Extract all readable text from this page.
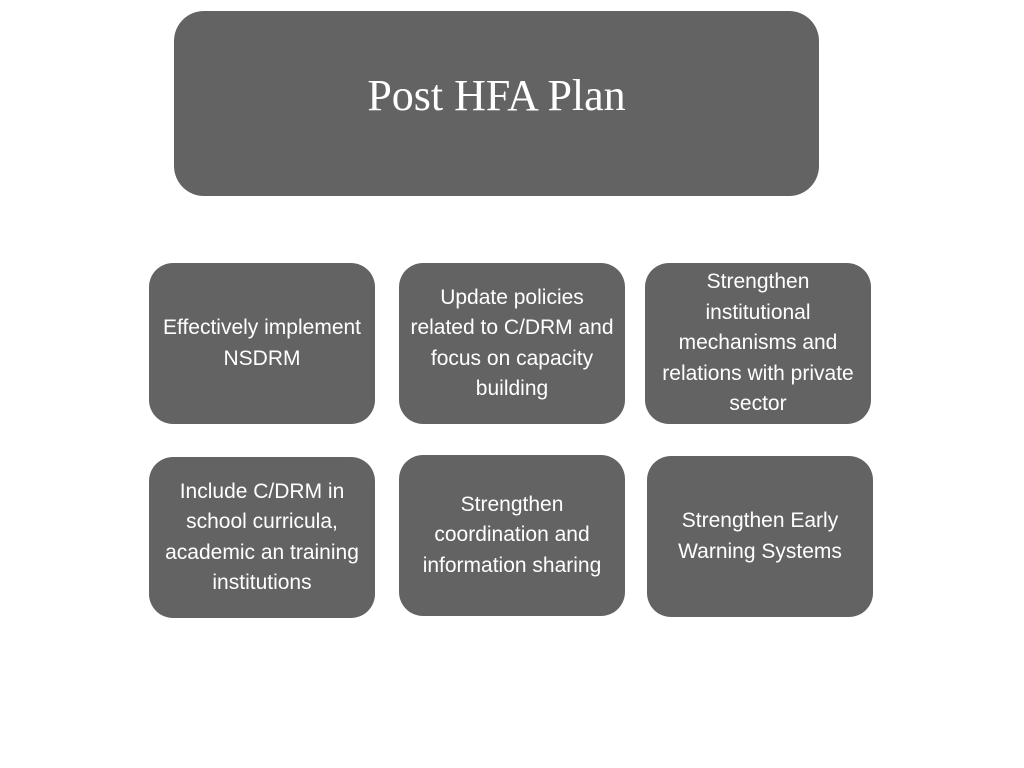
Post HFA Plan
Effectively implement NSDRM
Update policies related to C/DRM and focus on capacity building
Strengthen institutional mechanisms and relations with private sector
Include C/DRM in school curricula, academic an training institutions
Strengthen coordination and information sharing
Strengthen Early Warning Systems
